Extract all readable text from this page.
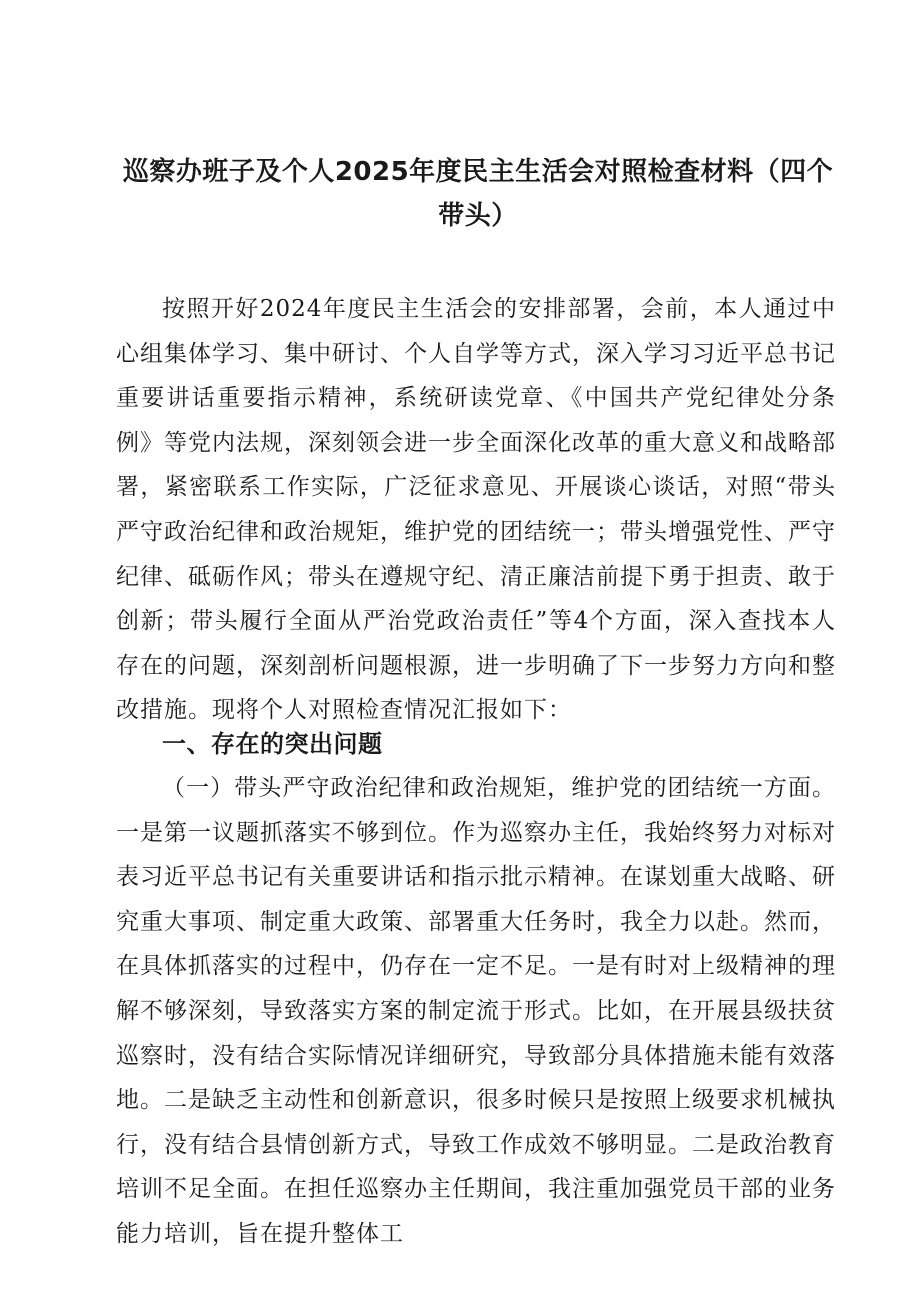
巡察办班子及个人2025年度民主生活会对照检查材料（四个带头）
按照开好2024年度民主生活会的安排部署，会前，本人通过中心组集体学习、集中研讨、个人自学等方式，深入学习习近平总书记重要讲话重要指示精神，系统研读党章、《中国共产党纪律处分条例》等党内法规，深刻领会进一步全面深化改革的重大意义和战略部署，紧密联系工作实际，广泛征求意见、开展谈心谈话，对照“带头严守政治纪律和政治规矩，维护党的团结统一；带头增强党性、严守纪律、砥砺作风；带头在遵规守纪、清正廉洁前提下勇于担责、敢于创新；带头履行全面从严治党政治责任”等4个方面，深入查找本人存在的问题，深刻剖析问题根源，进一步明确了下一步努力方向和整改措施。现将个人对照检查情况汇报如下：
一、存在的突出问题
（一）带头严守政治纪律和政治规矩，维护党的团结统一方面。一是第一议题抓落实不够到位。作为巡察办主任，我始终努力对标对表习近平总书记有关重要讲话和指示批示精神。在谋划重大战略、研究重大事项、制定重大政策、部署重大任务时，我全力以赴。然而，在具体抓落实的过程中，仍存在一定不足。一是有时对上级精神的理解不够深刻，导致落实方案的制定流于形式。比如，在开展县级扶贫巡察时，没有结合实际情况详细研究，导致部分具体措施未能有效落地。二是缺乏主动性和创新意识，很多时候只是按照上级要求机械执行，没有结合县情创新方式，导致工作成效不够明显。二是政治教育培训不足全面。在担任巡察办主任期间，我注重加强党员干部的业务能力培训，旨在提升整体工
